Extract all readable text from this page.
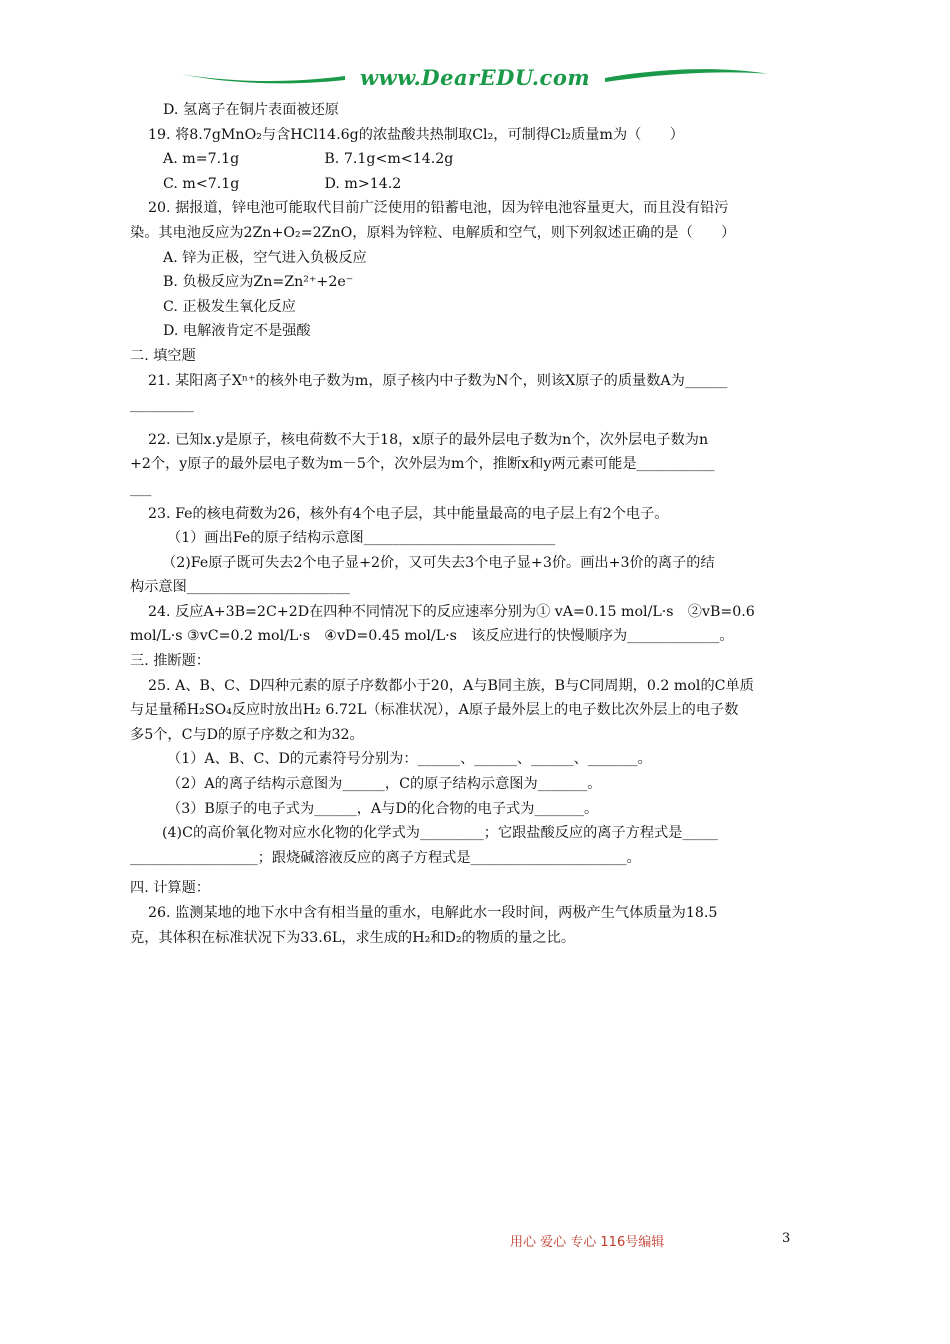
www.DearEDU.com
D. 氢离子在铜片表面被还原
19. 将8.7gMnO₂与含HCl14.6g的浓盐酸共热制取Cl₂，可制得Cl₂质量m为（　　）
A. m=7.1g　　　　　　B. 7.1g<m<14.2g
C. m<7.1g　　　　　　D. m>14.2
20. 据报道，锌电池可能取代目前广泛使用的铅蓄电池，因为锌电池容量更大，而且没有铅污
染。其电池反应为2Zn+O₂=2ZnO，原料为锌粒、电解质和空气，则下列叙述正确的是（　　）
A. 锌为正极，空气进入负极反应
B. 负极反应为Zn=Zn²⁺+2e⁻
C. 正极发生氧化反应
D. 电解液肯定不是强酸
二. 填空题
21. 某阳离子Xⁿ⁺的核外电子数为m，原子核内中子数为N个，则该X原子的质量数A为______
_________
22. 已知x.y是原子，核电荷数不大于18，x原子的最外层电子数为n个，次外层电子数为n
+2个，y原子的最外层电子数为m－5个，次外层为m个，推断x和y两元素可能是___________
___
23. Fe的核电荷数为26，核外有4个电子层，其中能量最高的电子层上有2个电子。
（1）画出Fe的原子结构示意图___________________________
（2)Fe原子既可失去2个电子显+2价，又可失去3个电子显+3价。画出+3价的离子的结
构示意图_______________________
24. 反应A+3B=2C+2D在四种不同情况下的反应速率分别为① vA=0.15 mol/L·s　②vB=0.6
mol/L·s ③vC=0.2 mol/L·s　④vD=0.45 mol/L·s　该反应进行的快慢顺序为_____________。
三. 推断题：
25. A、B、C、D四种元素的原子序数都小于20，A与B同主族，B与C同周期，0.2 mol的C单质
与足量稀H₂SO₄反应时放出H₂ 6.72L（标准状况），A原子最外层上的电子数比次外层上的电子数
多5个，C与D的原子序数之和为32。
（1）A、B、C、D的元素符号分别为：______、______、______、_______。
（2）A的离子结构示意图为______，C的原子结构示意图为_______。
（3）B原子的电子式为______，A与D的化合物的电子式为_______。
(4)C的高价氧化物对应水化物的化学式为_________；它跟盐酸反应的离子方程式是_____
__________________；跟烧碱溶液反应的离子方程式是______________________。
四. 计算题：
26. 监测某地的地下水中含有相当量的重水，电解此水一段时间，两极产生气体质量为18.5
克，其体积在标准状况下为33.6L，求生成的H₂和D₂的物质的量之比。
用心 爱心 专心 116号编辑	3
